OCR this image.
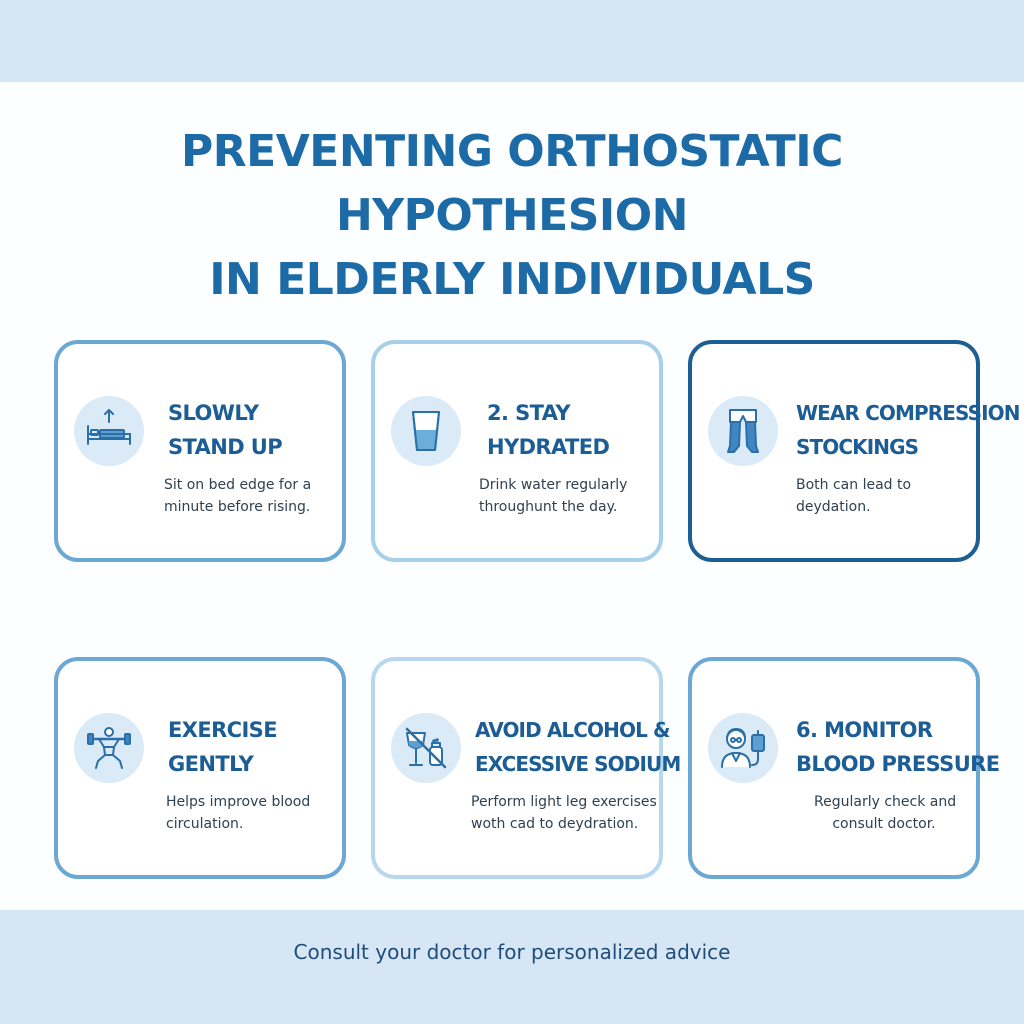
PREVENTING ORTHOSTATIC HYPOTHESION
IN ELDERLY INDIVIDUALS
SLOWLY
STAND UP

Sit on bed edge for a
minute before rising.

2. STAY
HYDRATED

Drink water regularly
throughunt the day.

WEAR COMPRESSION
STOCKINGS

Both can lead to
deydation.

EXERCISE
GENTLY

Helps improve blood
circulation.

AVOID ALCOHOL &
EXCESSIVE SODIUM

Perform light leg exercises
woth cad to deydration.

6. MONITOR
BLOOD PRESSURE

Regularly check and
consult doctor.

Consult your doctor for personalized advice
